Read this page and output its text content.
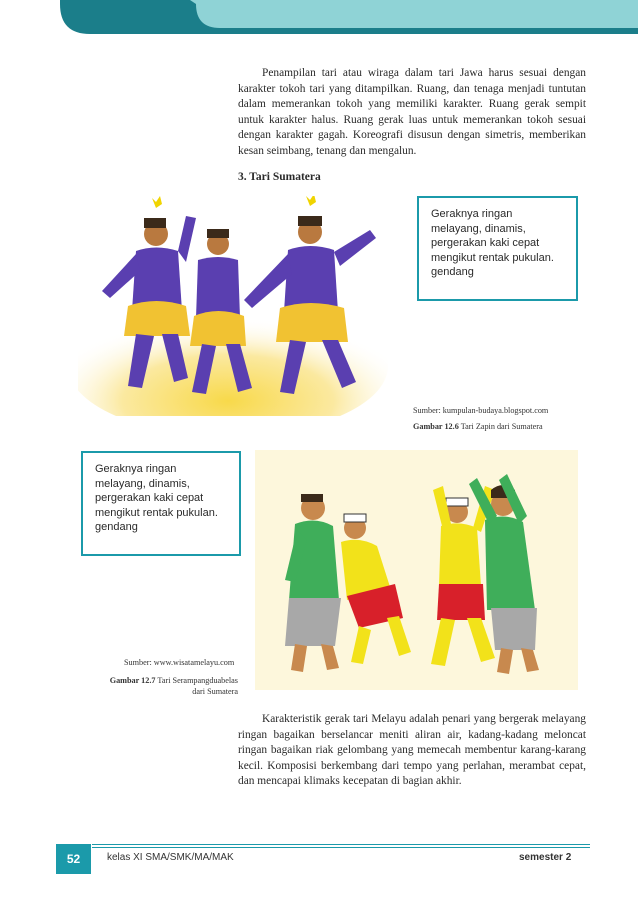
Penampilan tari atau wiraga dalam tari Jawa harus sesuai dengan karakter tokoh tari yang ditampilkan. Ruang, dan tenaga menjadi tuntutan dalam memerankan tokoh yang memiliki karakter. Ruang gerak sempit untuk karakter halus. Ruang gerak luas untuk memerankan tokoh sesuai dengan karakter gagah. Koreografi disusun dengan simetris, memberikan kesan seimbang, tenang dan mengalun.
3. Tari Sumatera
Geraknya ringan melayang, dinamis, pergerakan kaki cepat mengikut rentak pukulan. gendang
Sumber: kumpulan-budaya.blogspot.com
Gambar 12.6 Tari Zapin dari Sumatera
Geraknya ringan melayang, dinamis, pergerakan kaki cepat mengikut rentak pukulan. gendang
Sumber: www.wisatamelayu.com
Gambar 12.7 Tari Serampangduabelas dari Sumatera
Karakteristik gerak tari Melayu adalah penari yang bergerak melayang ringan bagaikan berselancar meniti aliran air, kadang-kadang meloncat ringan bagaikan riak gelombang yang memecah membentur karang-karang kecil. Komposisi berkembang dari tempo yang perlahan, merambat cepat, dan mencapai klimaks kecepatan di bagian akhir.
52	kelas XI SMA/SMK/MA/MAK	semester 2
